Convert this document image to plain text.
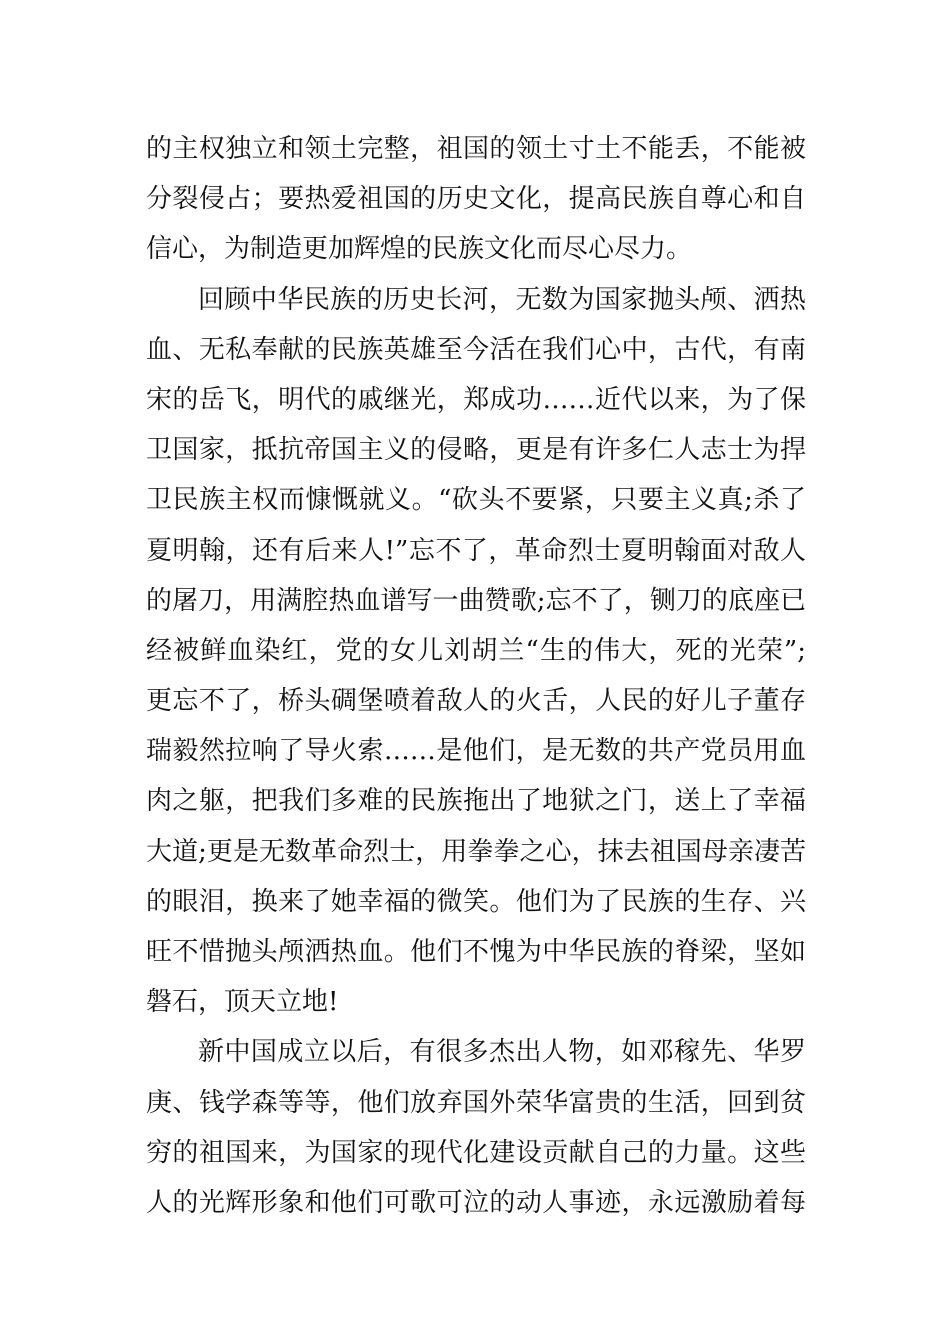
的主权独立和领土完整，祖国的领土寸土不能丢，不能被
分裂侵占；要热爱祖国的历史文化，提高民族自尊心和自
信心，为制造更加辉煌的民族文化而尽心尽力。
回顾中华民族的历史长河，无数为国家抛头颅、洒热
血、无私奉献的民族英雄至今活在我们心中，古代，有南
宋的岳飞，明代的戚继光，郑成功……近代以来，为了保
卫国家，抵抗帝国主义的侵略，更是有许多仁人志士为捍
卫民族主权而慷慨就义。“砍头不要紧，只要主义真;杀了
夏明翰，还有后来人!”忘不了，革命烈士夏明翰面对敌人
的屠刀，用满腔热血谱写一曲赞歌;忘不了，铡刀的底座已
经被鲜血染红，党的女儿刘胡兰“生的伟大，死的光荣”;
更忘不了，桥头碉堡喷着敌人的火舌，人民的好儿子董存
瑞毅然拉响了导火索……是他们，是无数的共产党员用血
肉之躯，把我们多难的民族拖出了地狱之门，送上了幸福
大道;更是无数革命烈士，用拳拳之心，抹去祖国母亲凄苦
的眼泪，换来了她幸福的微笑。他们为了民族的生存、兴
旺不惜抛头颅洒热血。他们不愧为中华民族的脊梁，坚如
磐石，顶天立地!
新中国成立以后，有很多杰出人物，如邓稼先、华罗
庚、钱学森等等，他们放弃国外荣华富贵的生活，回到贫
穷的祖国来，为国家的现代化建设贡献自己的力量。这些
人的光辉形象和他们可歌可泣的动人事迹，永远激励着每
